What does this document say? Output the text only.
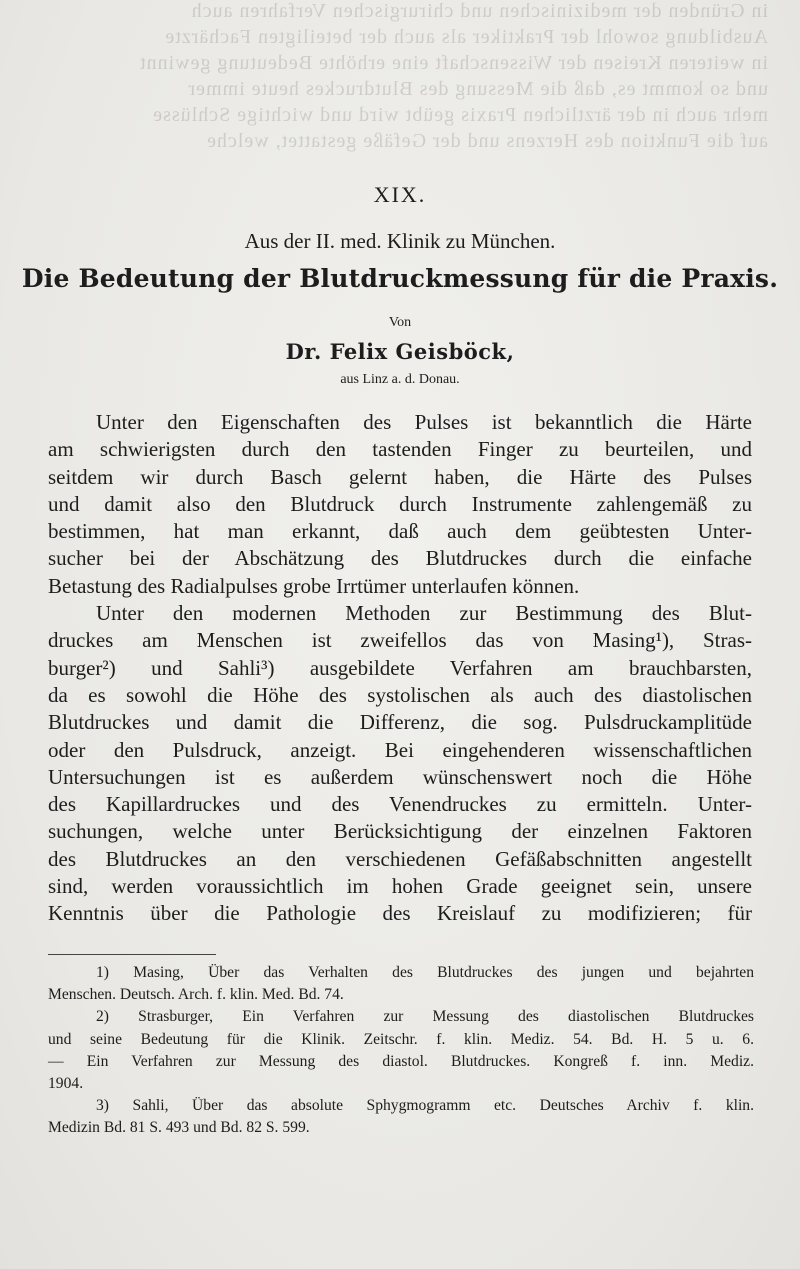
in Gründen der medizinischen und chirurgischen Verfahren auch
Ausbildung sowohl der Praktiker als auch der beteiligten Fachärzte
in weiteren Kreisen der Wissenschaft eine erhöhte Bedeutung gewinnt
und so kommt es, daß die Messung des Blutdruckes heute immer
mehr auch in der ärztlichen Praxis geübt wird und wichtige Schlüsse
auf die Funktion des Herzens und der Gefäße gestattet, welche
XIX.
Aus der II. med. Klinik zu München.
Die Bedeutung der Blutdruckmessung für die Praxis.
Von
Dr. Felix Geisböck,
aus Linz a. d. Donau.
Unter den Eigenschaften des Pulses ist bekanntlich die Härte
am schwierigsten durch den tastenden Finger zu beurteilen, und
seitdem wir durch Basch gelernt haben, die Härte des Pulses
und damit also den Blutdruck durch Instrumente zahlengemäß zu
bestimmen, hat man erkannt, daß auch dem geübtesten Unter-
sucher bei der Abschätzung des Blutdruckes durch die einfache
Betastung des Radialpulses grobe Irrtümer unterlaufen können.
Unter den modernen Methoden zur Bestimmung des Blut-
druckes am Menschen ist zweifellos das von Masing¹), Stras-
burger²) und Sahli³) ausgebildete Verfahren am brauchbarsten,
da es sowohl die Höhe des systolischen als auch des diastolischen
Blutdruckes und damit die Differenz, die sog. Pulsdruckamplitüde
oder den Pulsdruck, anzeigt. Bei eingehenderen wissenschaftlichen
Untersuchungen ist es außerdem wünschenswert noch die Höhe
des Kapillardruckes und des Venendruckes zu ermitteln. Unter-
suchungen, welche unter Berücksichtigung der einzelnen Faktoren
des Blutdruckes an den verschiedenen Gefäßabschnitten angestellt
sind, werden voraussichtlich im hohen Grade geeignet sein, unsere
Kenntnis über die Pathologie des Kreislauf zu modifizieren; für
1) Masing, Über das Verhalten des Blutdruckes des jungen und bejahrten
Menschen. Deutsch. Arch. f. klin. Med. Bd. 74.
2) Strasburger, Ein Verfahren zur Messung des diastolischen Blutdruckes
und seine Bedeutung für die Klinik. Zeitschr. f. klin. Mediz. 54. Bd. H. 5 u. 6.
— Ein Verfahren zur Messung des diastol. Blutdruckes. Kongreß f. inn. Mediz.
1904.
3) Sahli, Über das absolute Sphygmogramm etc. Deutsches Archiv f. klin.
Medizin Bd. 81 S. 493 und Bd. 82 S. 599.
